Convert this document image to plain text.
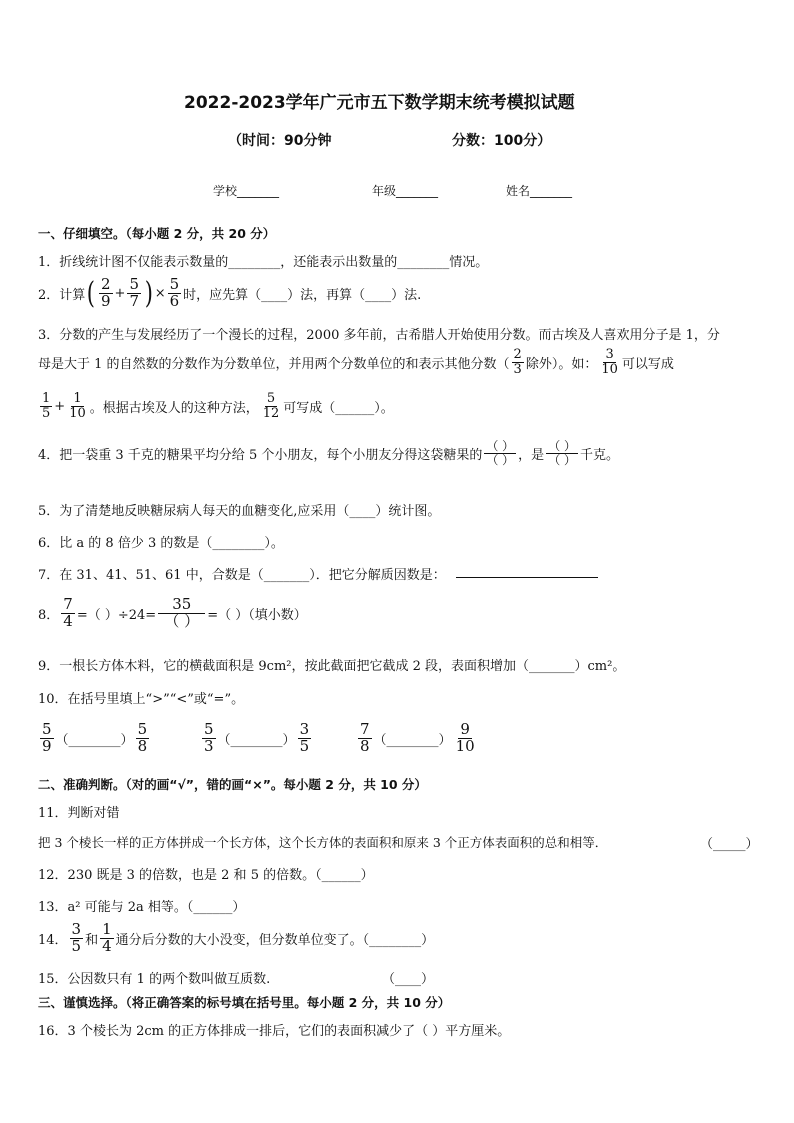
2022-2023学年广元市五下数学期末统考模拟试题
（时间：90分钟	分数：100分）
学校_______	年级_______	姓名_______
一、仔细填空。（每小题 2 分，共 20 分）
1．折线统计图不仅能表示数量的________，还能表示出数量的________情况。
2．计算 ( $\frac{2}{9} + \frac{5}{7}$ ) × $\frac{5}{6}$ 时，应先算（____）法，再算（____）法.
3．分数的产生与发展经历了一个漫长的过程，2000 多年前，古希腊人开始使用分数。而古埃及人喜欢用分子是 1，分
母是大于 1 的自然数的分数作为分数单位，并用两个分数单位的和表示其他分数（ $\frac{2}{3}$ 除外）。如： $\frac{3}{10}$ 可以写成
$\frac{1}{5} + \frac{1}{10}$ 。根据古埃及人的这种方法， $\frac{5}{12}$ 可写成（______）。
4．把一袋重 3 千克的糖果平均分给 5 个小朋友，每个小朋友分得这袋糖果的 $\frac{( )}{( )}$ ，是 $\frac{( )}{( )}$ 千克。
5．为了清楚地反映糖尿病人每天的血糖变化,应采用（____）统计图。
6．比 a 的 8 倍少 3 的数是（________）。
7．在 31、41、51、61 中，合数是（_______）．把它分解质因数是：
8． $\frac{7}{4}$ =（ ）$\div 24= \frac{35}{( )}$ =（ ）（填小数）
9．一根长方体木料，它的横截面积是 9cm²，按此截面把它截成 2 段，表面积增加（_______）cm²。
10．在括号里填上“>”“<”或“=”。
$\frac{5}{9}$ （________） $\frac{5}{8}$	$\frac{5}{3}$ （________） $\frac{3}{5}$	$\frac{7}{8}$ （________） $\frac{9}{10}$
二、准确判断。（对的画“√”，错的画“×”。每小题 2 分，共 10 分）
11．判断对错
把 3 个棱长一样的正方体拼成一个长方体，这个长方体的表面积和原来 3 个正方体表面积的总和相等．	（_____）
12．230 既是 3 的倍数，也是 2 和 5 的倍数。（______）
13．a² 可能与 2a 相等。（______）
14． $\frac{3}{5}$ 和 $\frac{1}{4}$ 通分后分数的大小没变，但分数单位变了。（________）
15．公因数只有 1 的两个数叫做互质数.	（____）
三、谨慎选择。（将正确答案的标号填在括号里。每小题 2 分，共 10 分）
16．3 个棱长为 2cm 的正方体排成一排后，它们的表面积减少了（ ）平方厘米。
